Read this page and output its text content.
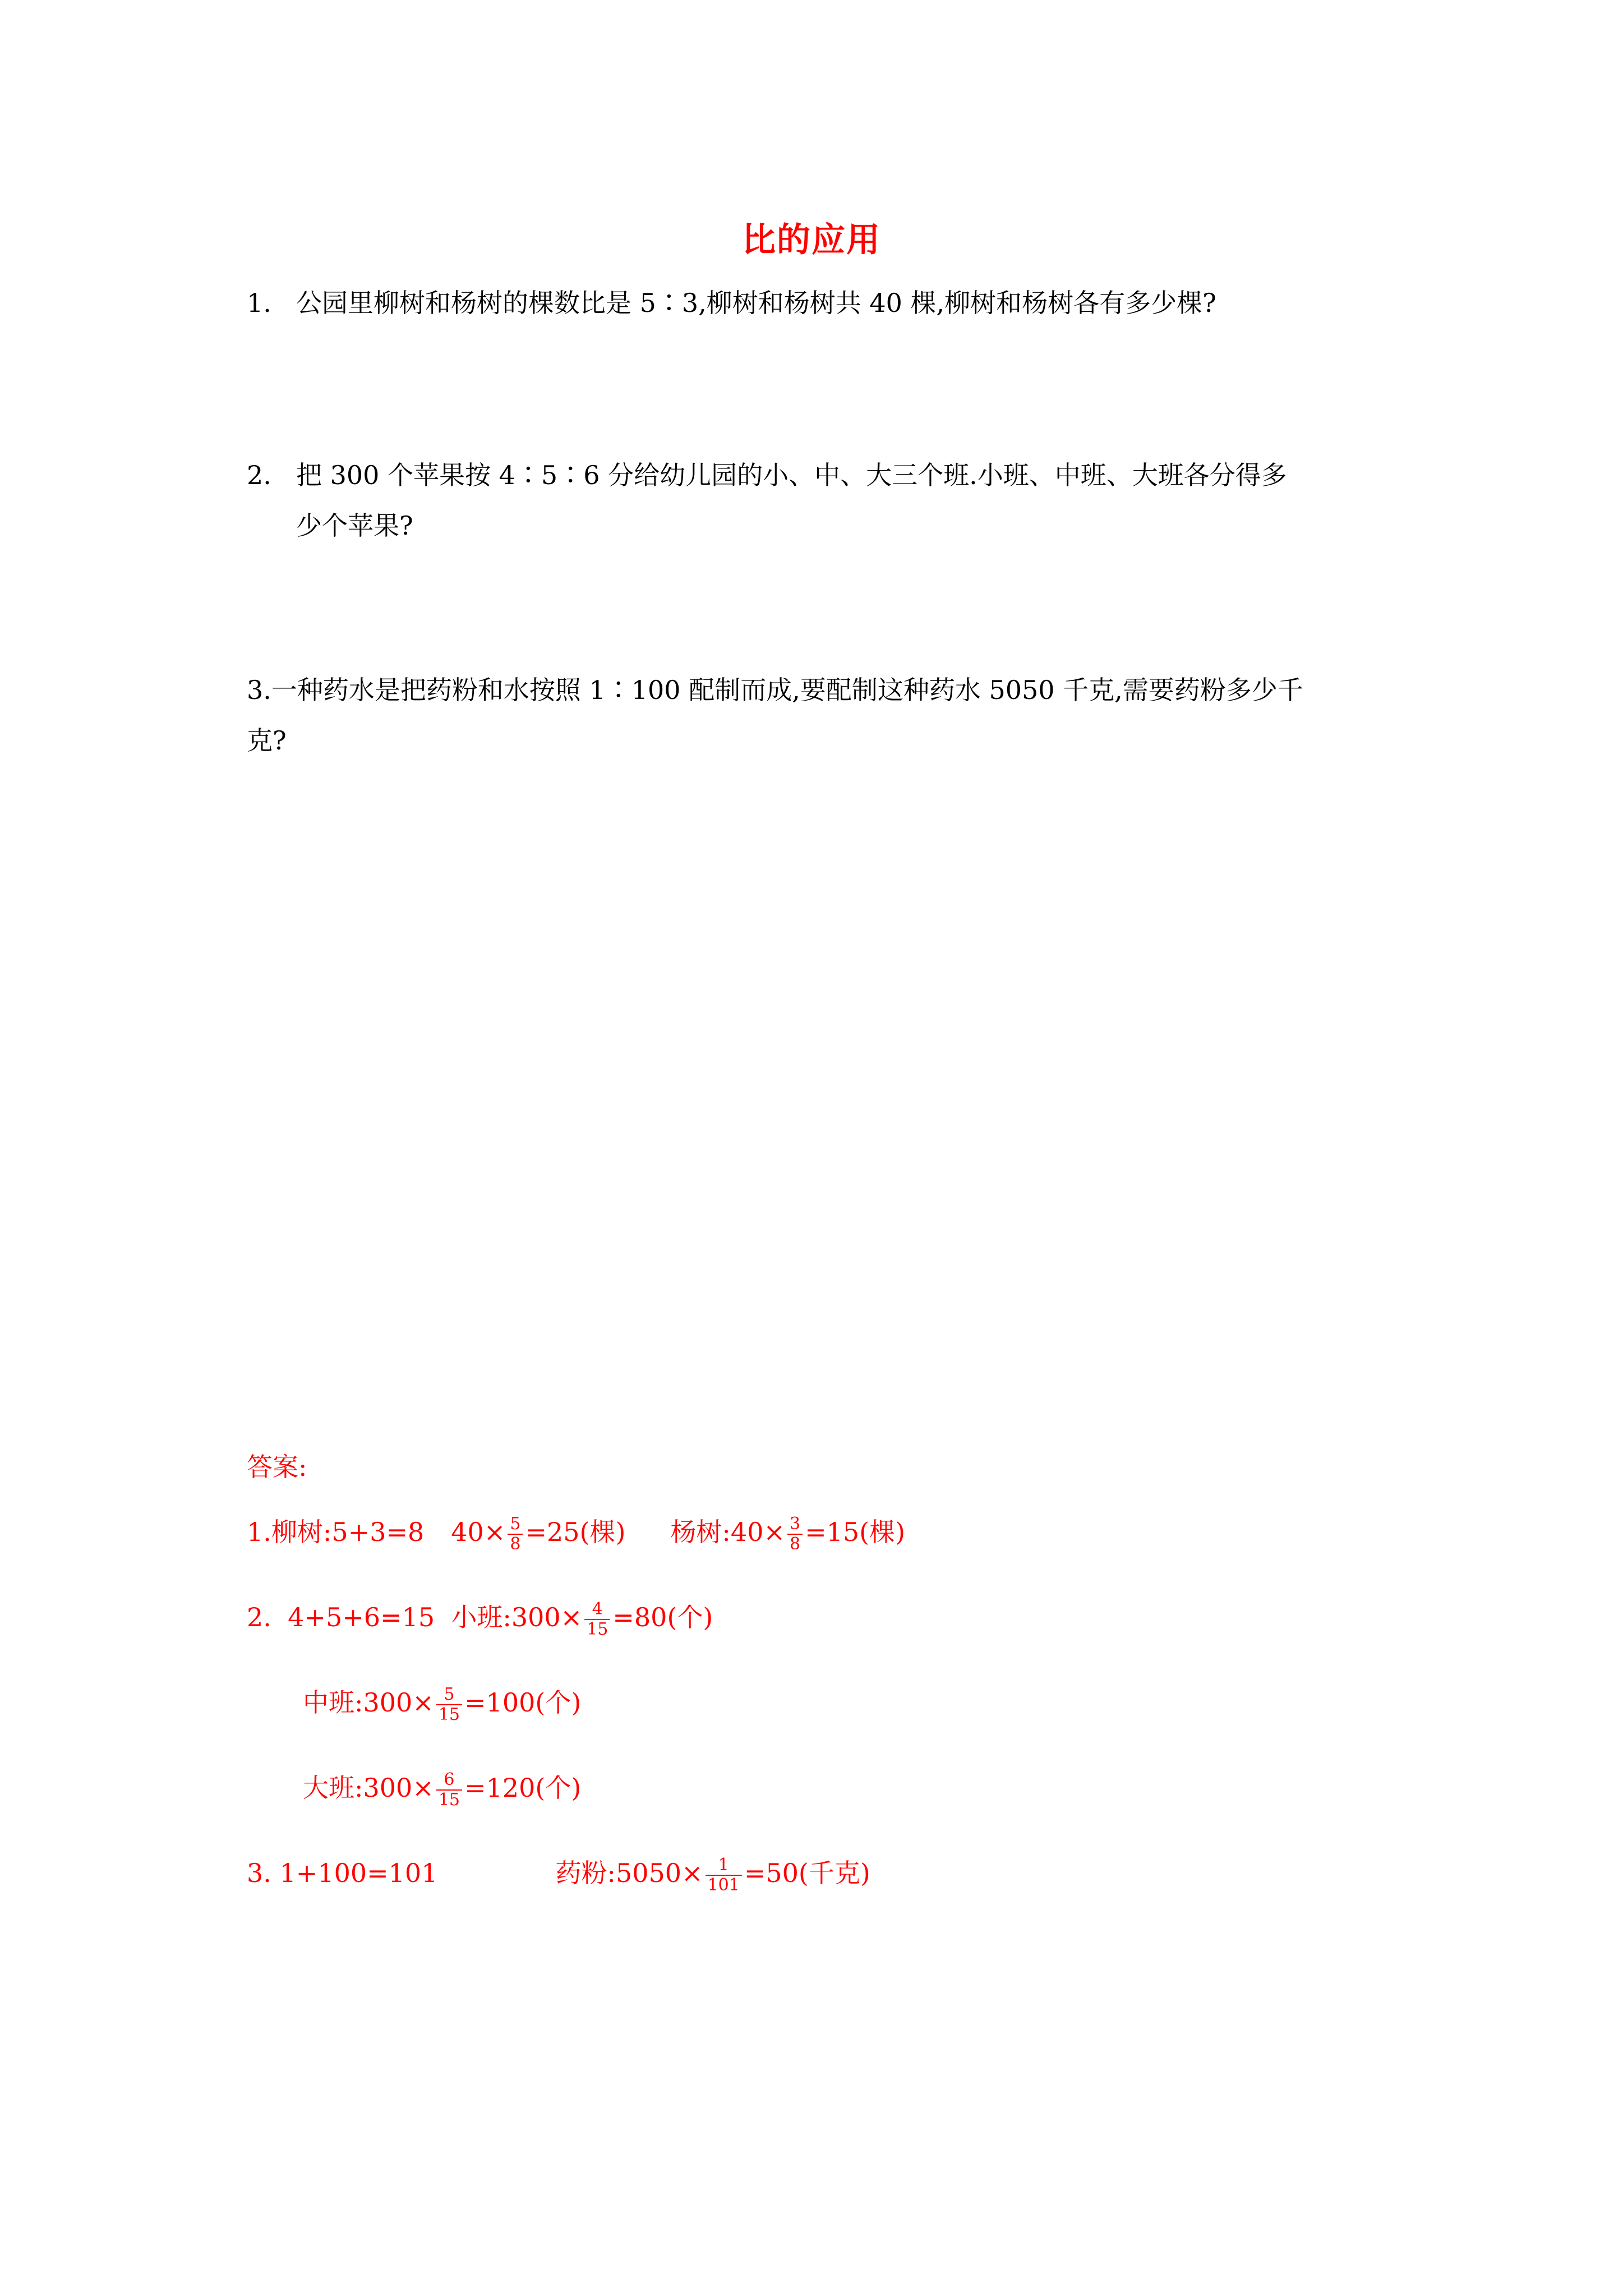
比的应用
1. 公园里柳树和杨树的棵数比是 5∶3,柳树和杨树共 40 棵,柳树和杨树各有多少棵?
2. 把 300 个苹果按 4∶5∶6 分给幼儿园的小、中、大三个班.小班、中班、大班各分得多
少个苹果?
3.一种药水是把药粉和水按照 1∶100 配制而成,要配制这种药水 5050 千克,需要药粉多少千
克?
答案:
1.柳树:5+3=8 $40\times \frac{5}{8} =25$(棵) 杨树:40× $\frac{3}{8} =15$(棵)
2.  4+5+6=15  小班:300× $\frac{4}{15} =80$(个)
中班:300× $\frac{5}{15} =100$(个)
大班:300× $\frac{6}{15} =120$(个)
3. 1+100=101	药粉:5050× $\frac{1}{101} =50$(千克)
